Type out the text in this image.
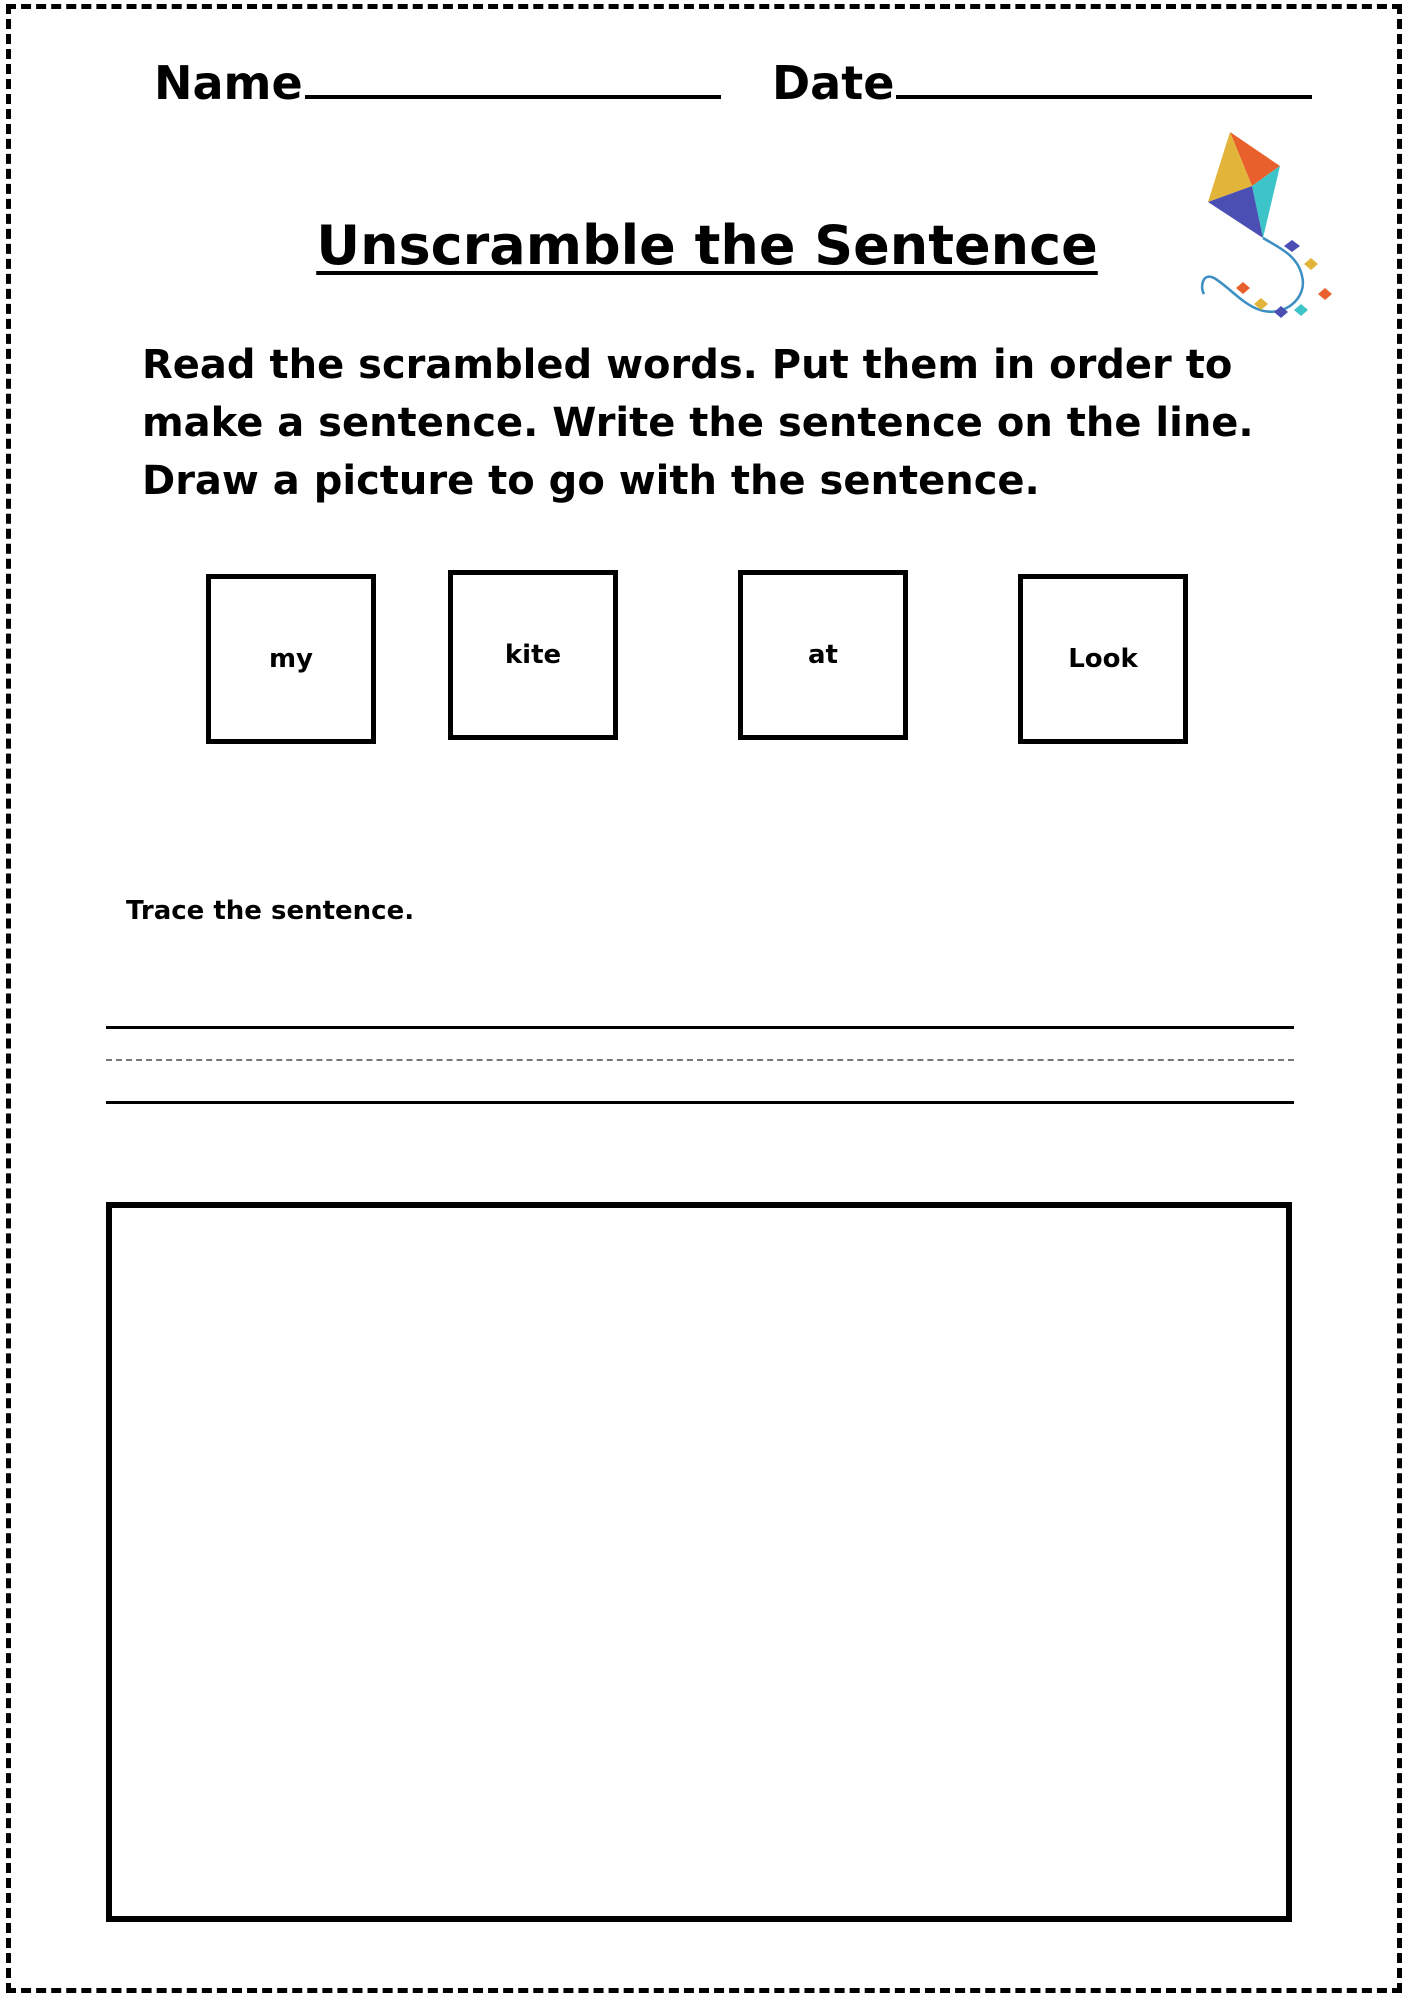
Name	Date
Unscramble the Sentence
Read the scrambled words. Put them in order to make a sentence. Write the sentence on the line. Draw a picture to go with the sentence.
my	kite	at	Look
Trace the sentence.
